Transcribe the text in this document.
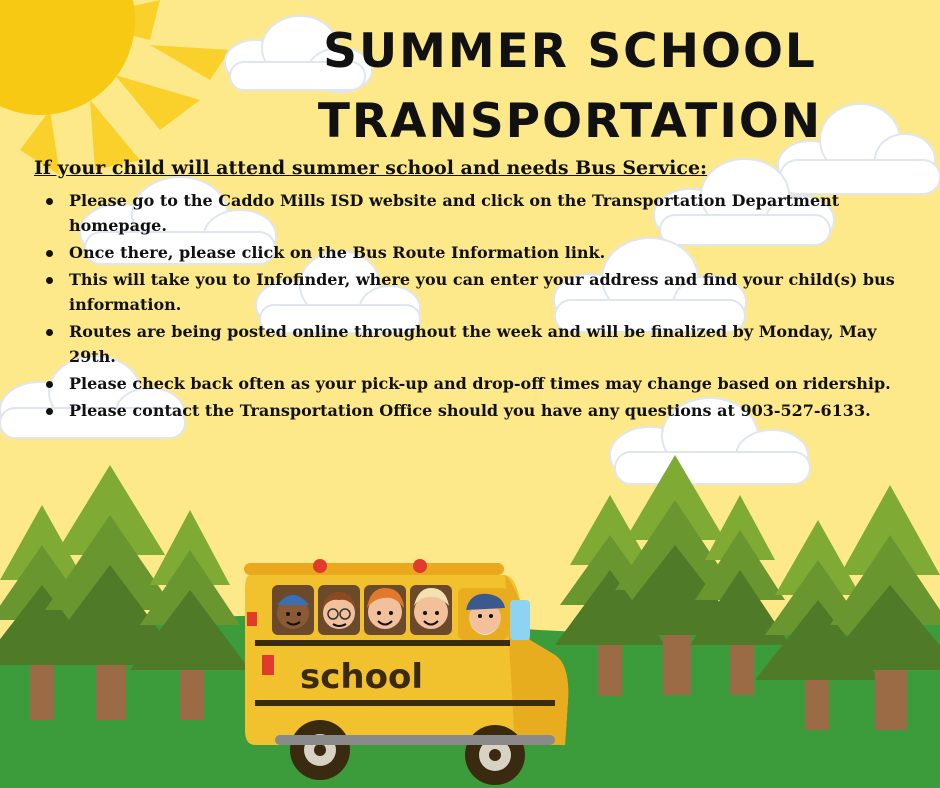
school
SUMMER SCHOOL
TRANSPORTATION

If your child will attend summer school and needs Bus Service:

Please go to the Caddo Mills ISD website and click on the Transportation Department homepage.
Once there, please click on the Bus Route Information link.
This will take you to Infofinder, where you can enter your address and find your child(s) bus information.
Routes are being posted online throughout the week and will be finalized by Monday, May 29th.
Please check back often as your pick-up and drop-off times may change based on ridership.
Please contact the Transportation Office should you have any questions at 903-527-6133.
